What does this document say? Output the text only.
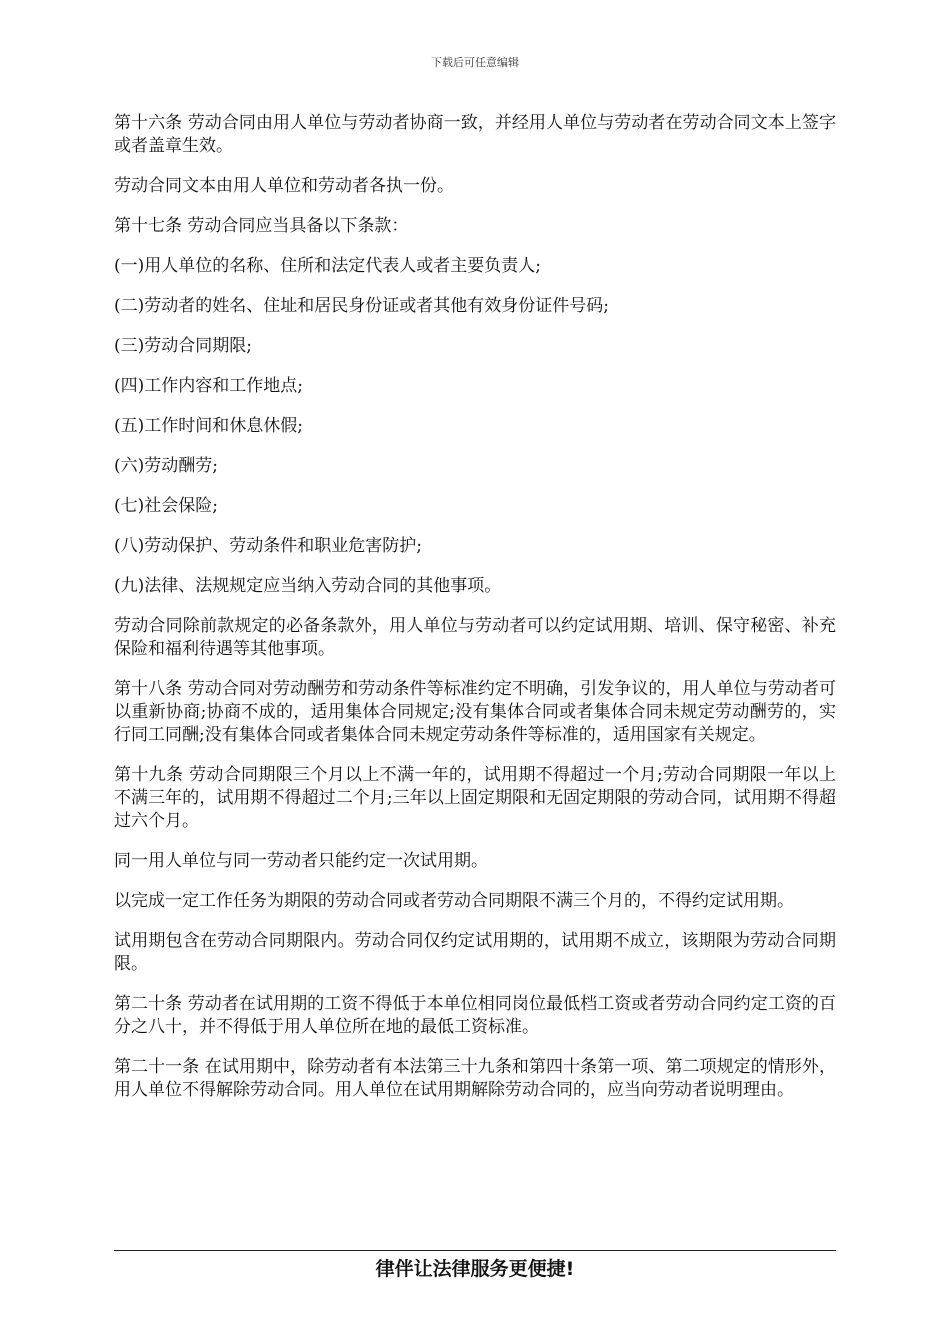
下载后可任意编辑

第十六条 劳动合同由用人单位与劳动者协商一致，并经用人单位与劳动者在劳动合同文本上签字或者盖章生效。

劳动合同文本由用人单位和劳动者各执一份。

第十七条 劳动合同应当具备以下条款：

(一)用人单位的名称、住所和法定代表人或者主要负责人;

(二)劳动者的姓名、住址和居民身份证或者其他有效身份证件号码;

(三)劳动合同期限;

(四)工作内容和工作地点;

(五)工作时间和休息休假;

(六)劳动酬劳;

(七)社会保险;

(八)劳动保护、劳动条件和职业危害防护;

(九)法律、法规规定应当纳入劳动合同的其他事项。

劳动合同除前款规定的必备条款外，用人单位与劳动者可以约定试用期、培训、保守秘密、补充保险和福利待遇等其他事项。

第十八条 劳动合同对劳动酬劳和劳动条件等标准约定不明确，引发争议的，用人单位与劳动者可以重新协商;协商不成的，适用集体合同规定;没有集体合同或者集体合同未规定劳动酬劳的，实行同工同酬;没有集体合同或者集体合同未规定劳动条件等标准的，适用国家有关规定。

第十九条 劳动合同期限三个月以上不满一年的，试用期不得超过一个月;劳动合同期限一年以上不满三年的，试用期不得超过二个月;三年以上固定期限和无固定期限的劳动合同，试用期不得超过六个月。

同一用人单位与同一劳动者只能约定一次试用期。

以完成一定工作任务为期限的劳动合同或者劳动合同期限不满三个月的，不得约定试用期。

试用期包含在劳动合同期限内。劳动合同仅约定试用期的，试用期不成立，该期限为劳动合同期限。

第二十条 劳动者在试用期的工资不得低于本单位相同岗位最低档工资或者劳动合同约定工资的百分之八十，并不得低于用人单位所在地的最低工资标准。

第二十一条 在试用期中，除劳动者有本法第三十九条和第四十条第一项、第二项规定的情形外，用人单位不得解除劳动合同。用人单位在试用期解除劳动合同的，应当向劳动者说明理由。

律伴让法律服务更便捷!
